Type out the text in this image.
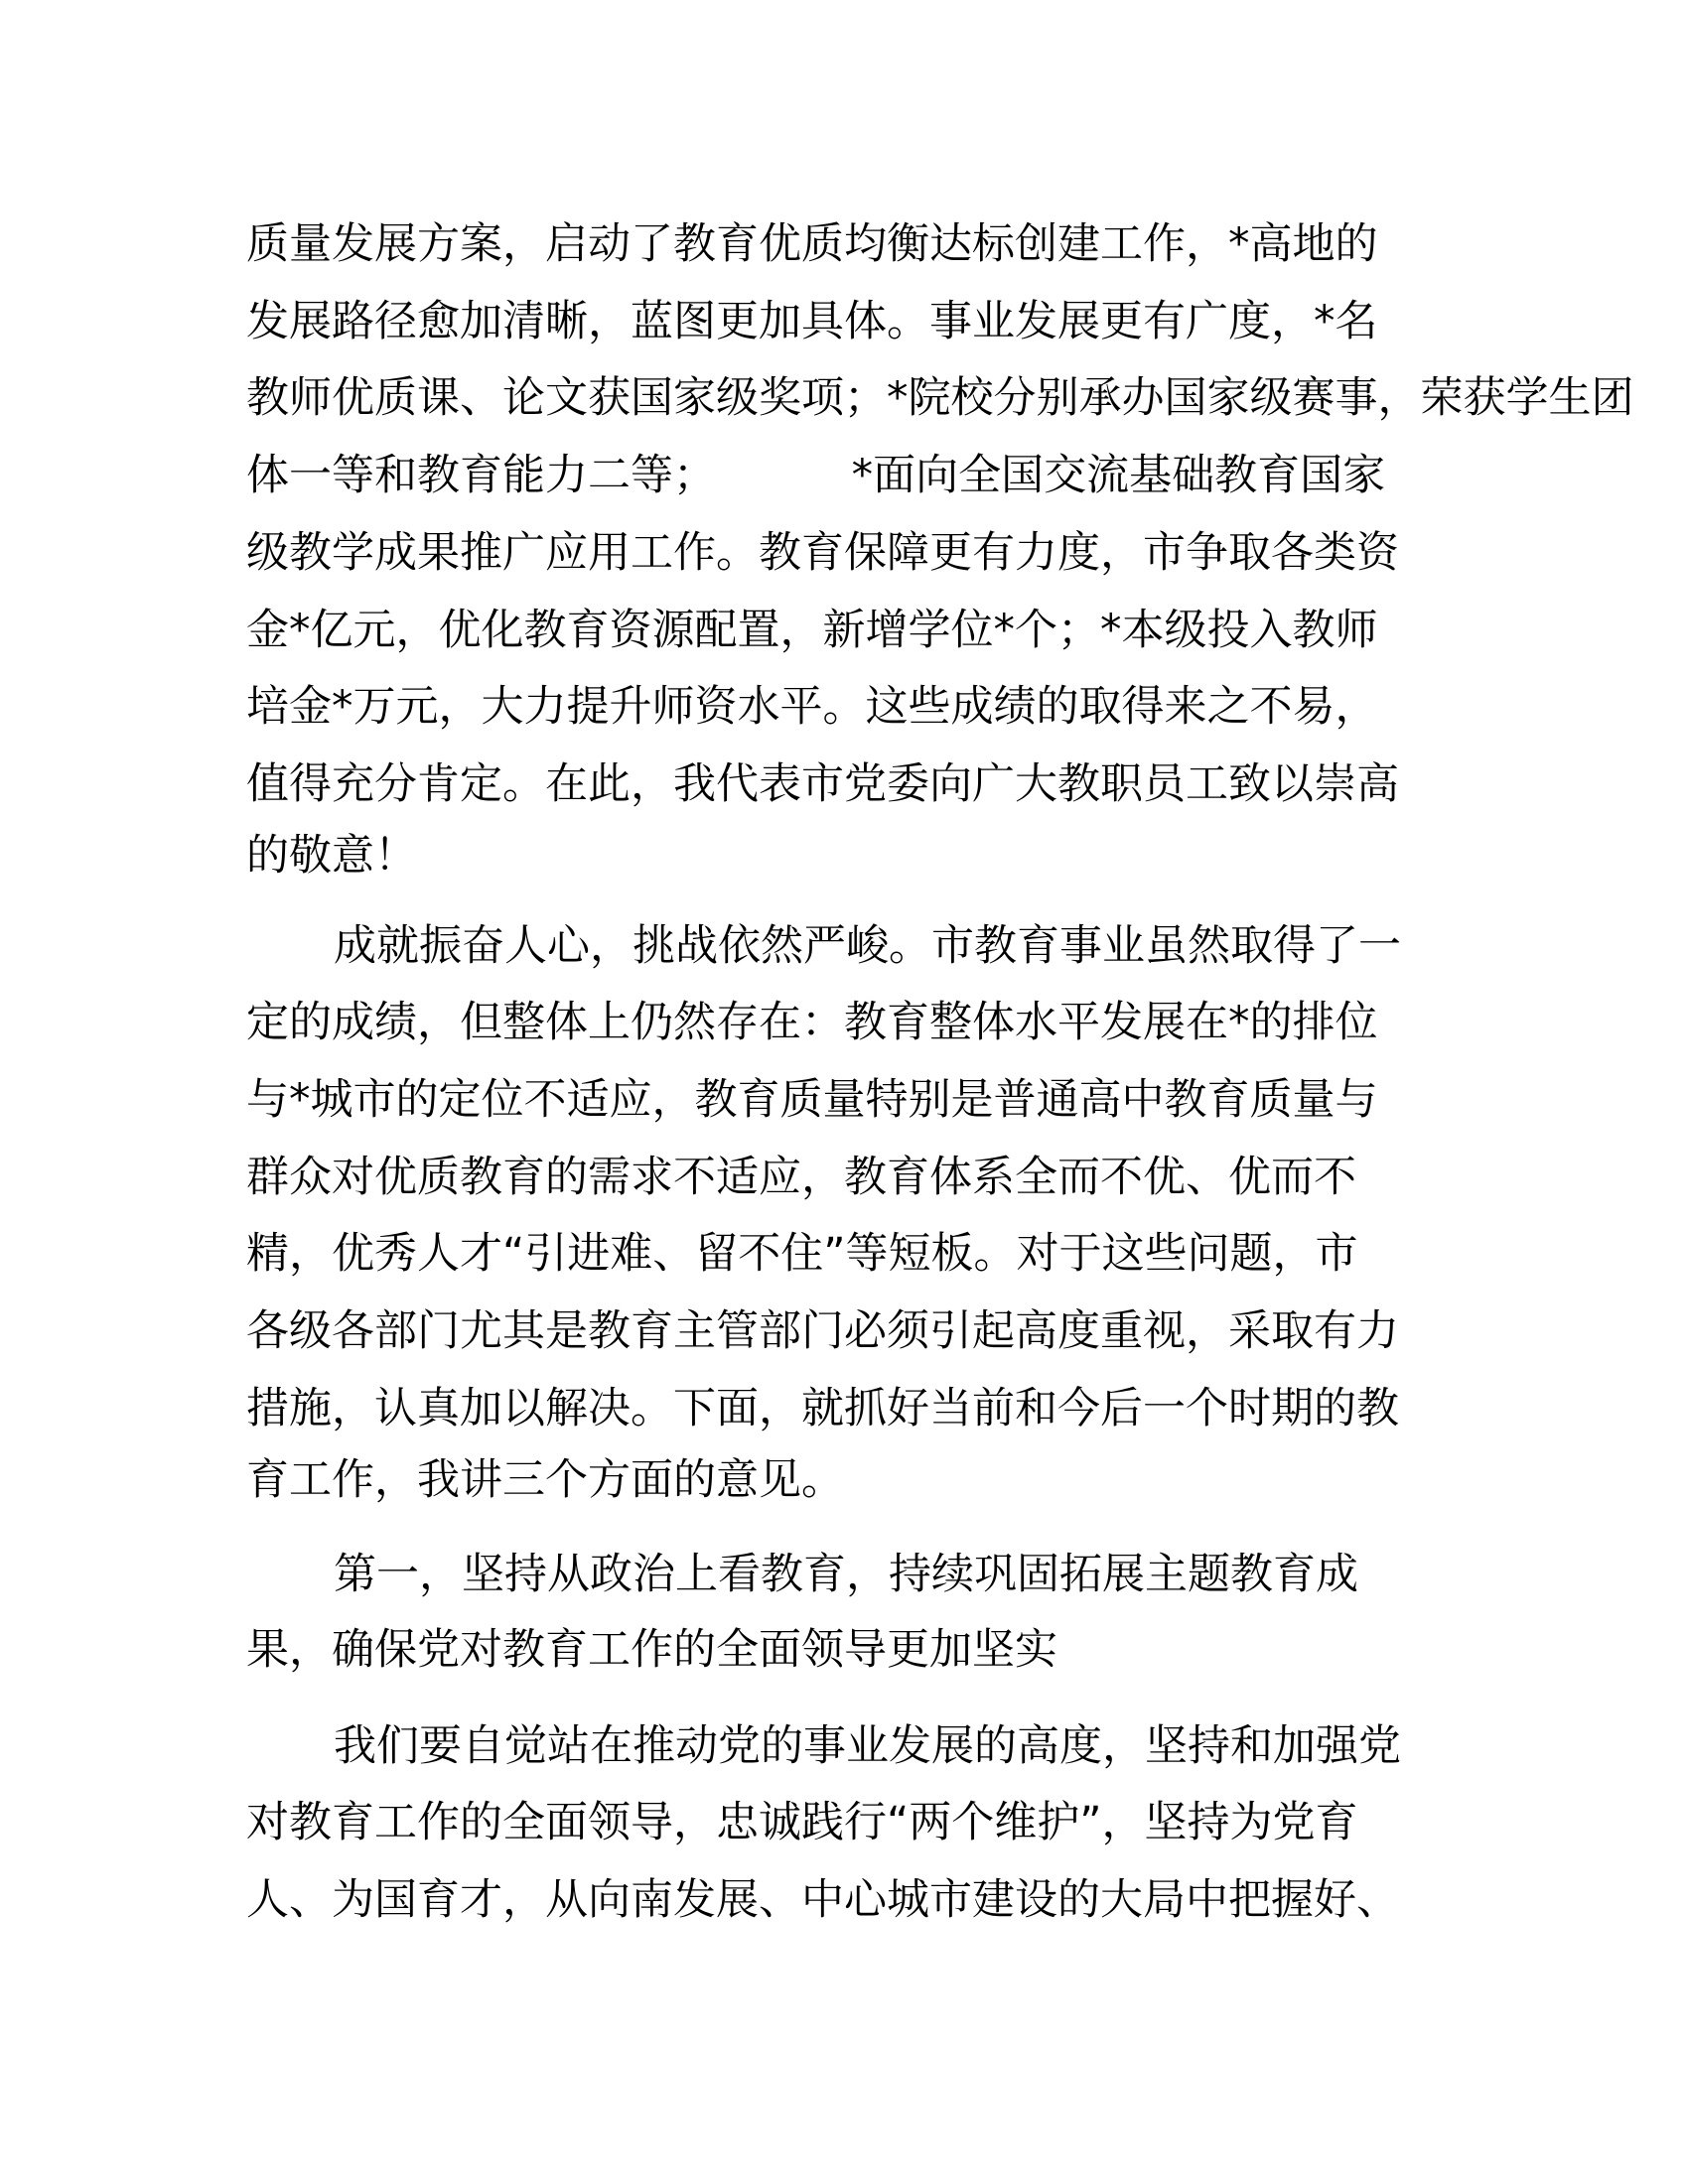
质量发展方案，启动了教育优质均衡达标创建工作，*高地的
发展路径愈加清晰，蓝图更加具体。事业发展更有广度，*名
教师优质课、论文获国家级奖项；*院校分别承办国家级赛事，荣获学生团
体一等和教育能力二等；          *面向全国交流基础教育国家
级教学成果推广应用工作。教育保障更有力度，市争取各类资
金*亿元，优化教育资源配置，新增学位*个；*本级投入教师
培金*万元，大力提升师资水平。这些成绩的取得来之不易，
值得充分肯定。在此，我代表市党委向广大教职员工致以崇高
的敬意！
成就振奋人心，挑战依然严峻。市教育事业虽然取得了一
定的成绩，但整体上仍然存在：教育整体水平发展在*的排位
与*城市的定位不适应，教育质量特别是普通高中教育质量与
群众对优质教育的需求不适应，教育体系全而不优、优而不
精，优秀人才“引进难、留不住”等短板。对于这些问题，市
各级各部门尤其是教育主管部门必须引起高度重视，采取有力
措施，认真加以解决。下面，就抓好当前和今后一个时期的教
育工作，我讲三个方面的意见。
第一，坚持从政治上看教育，持续巩固拓展主题教育成
果，确保党对教育工作的全面领导更加坚实
我们要自觉站在推动党的事业发展的高度，坚持和加强党
对教育工作的全面领导，忠诚践行“两个维护”，坚持为党育
人、为国育才，从向南发展、中心城市建设的大局中把握好、
